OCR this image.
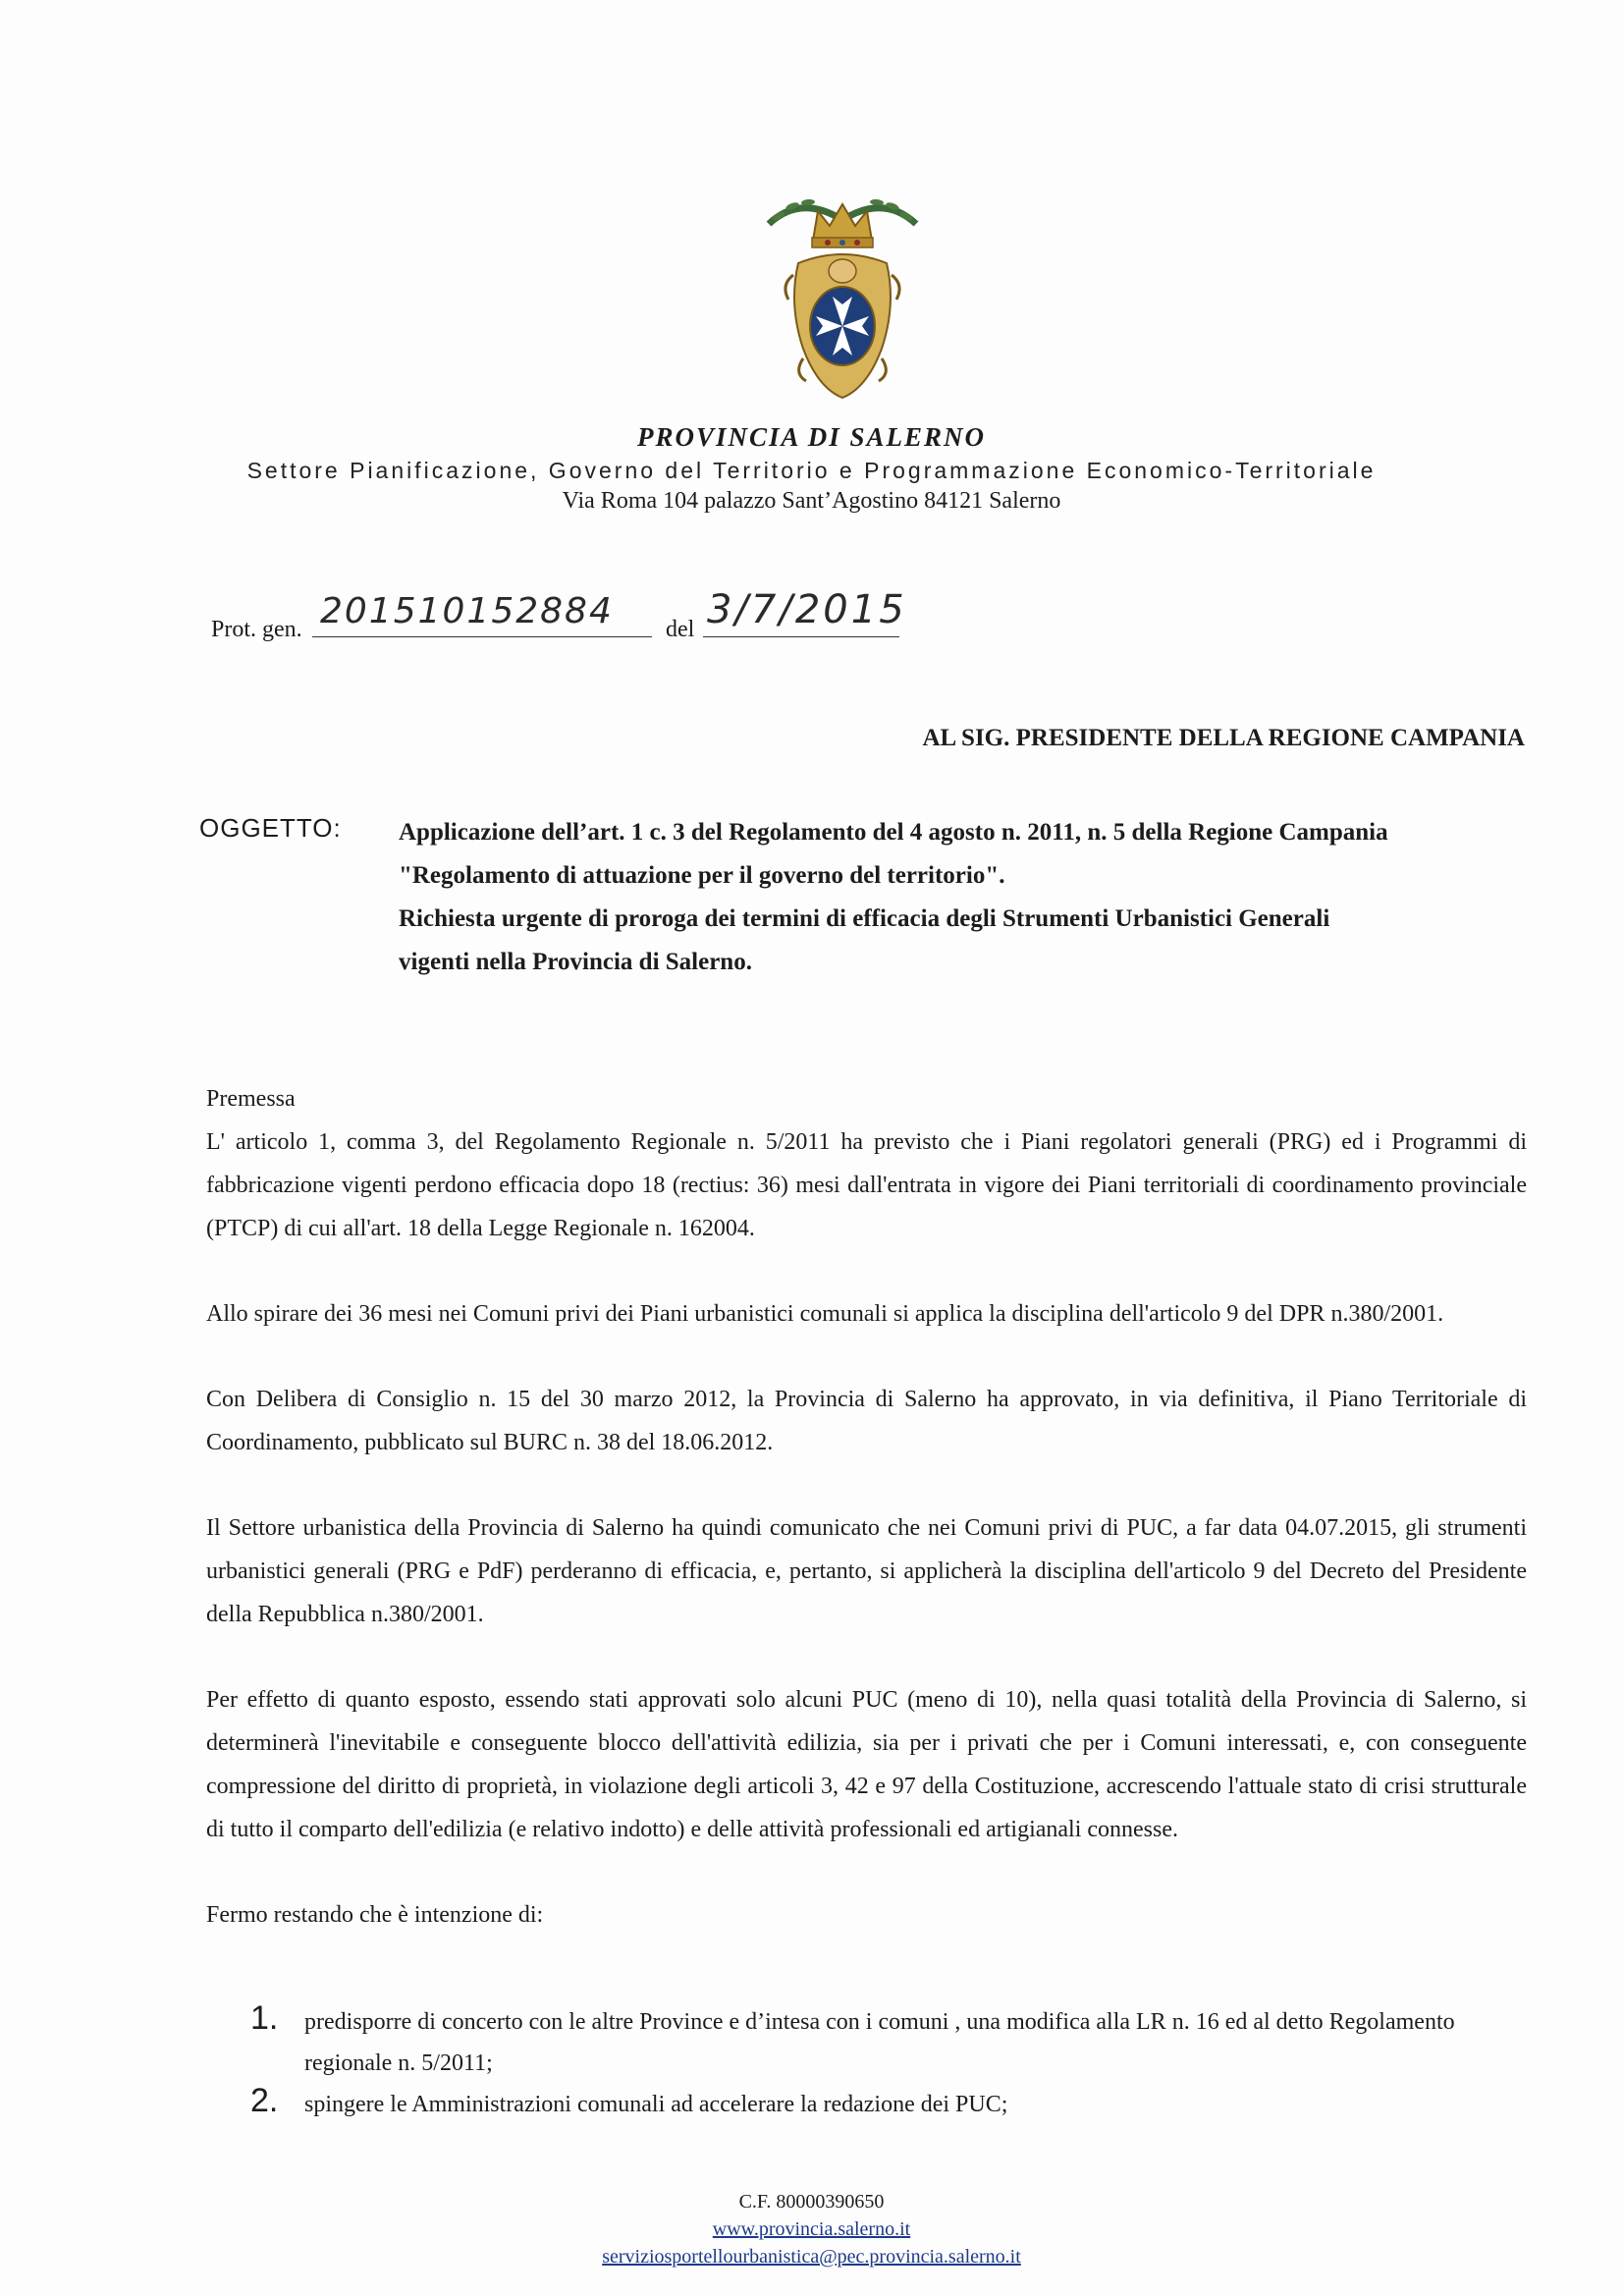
PROVINCIA DI SALERNO
Settore Pianificazione, Governo del Territorio e Programmazione Economico-Territoriale
Via Roma 104 palazzo Sant’Agostino 84121 Salerno
Prot. gen. 201510152884 del 3/7/2015
AL SIG. PRESIDENTE DELLA REGIONE CAMPANIA
OGGETTO: Applicazione dell’art. 1 c. 3 del Regolamento del 4 agosto n. 2011, n. 5 della Regione Campania
"Regolamento di attuazione per il governo del territorio".
Richiesta urgente di proroga dei termini di efficacia degli Strumenti Urbanistici Generali
vigenti nella Provincia di Salerno.

Premessa

L' articolo 1, comma 3, del Regolamento Regionale n. 5/2011 ha previsto che i Piani regolatori generali (PRG) ed i Programmi di fabbricazione vigenti perdono efficacia dopo 18 (rectius: 36) mesi dall'entrata in vigore dei Piani territoriali di coordinamento provinciale (PTCP) di cui all'art. 18 della Legge Regionale n. 162004.

Allo spirare dei 36 mesi nei Comuni privi dei Piani urbanistici comunali si applica la disciplina dell'articolo 9 del DPR n.380/2001.

Con Delibera di Consiglio n. 15 del 30 marzo 2012, la Provincia di Salerno ha approvato, in via definitiva, il Piano Territoriale di Coordinamento, pubblicato sul BURC n. 38 del 18.06.2012.

Il Settore urbanistica della Provincia di Salerno ha quindi comunicato che nei Comuni privi di PUC, a far data 04.07.2015, gli strumenti urbanistici generali (PRG e PdF) perderanno di efficacia, e, pertanto, si applicherà la disciplina dell'articolo 9 del Decreto del Presidente della Repubblica n.380/2001.

Per effetto di quanto esposto, essendo stati approvati solo alcuni PUC (meno di 10), nella quasi totalità della Provincia di Salerno, si determinerà l'inevitabile e conseguente blocco dell'attività edilizia, sia per i privati che per i Comuni interessati, e, con conseguente compressione del diritto di proprietà, in violazione degli articoli 3, 42 e 97 della Costituzione, accrescendo l'attuale stato di crisi strutturale di tutto il comparto dell'edilizia (e relativo indotto) e delle attività professionali ed artigianali connesse.

Fermo restando che è intenzione di:

1. predisporre di concerto con le altre Province e d’intesa con i comuni , una modifica alla LR n. 16 ed al detto Regolamento regionale n. 5/2011;
2. spingere le Amministrazioni comunali ad accelerare la redazione dei PUC;
C.F. 80000390650
www.provincia.salerno.it
serviziosportellourbanistica@pec.provincia.salerno.it
